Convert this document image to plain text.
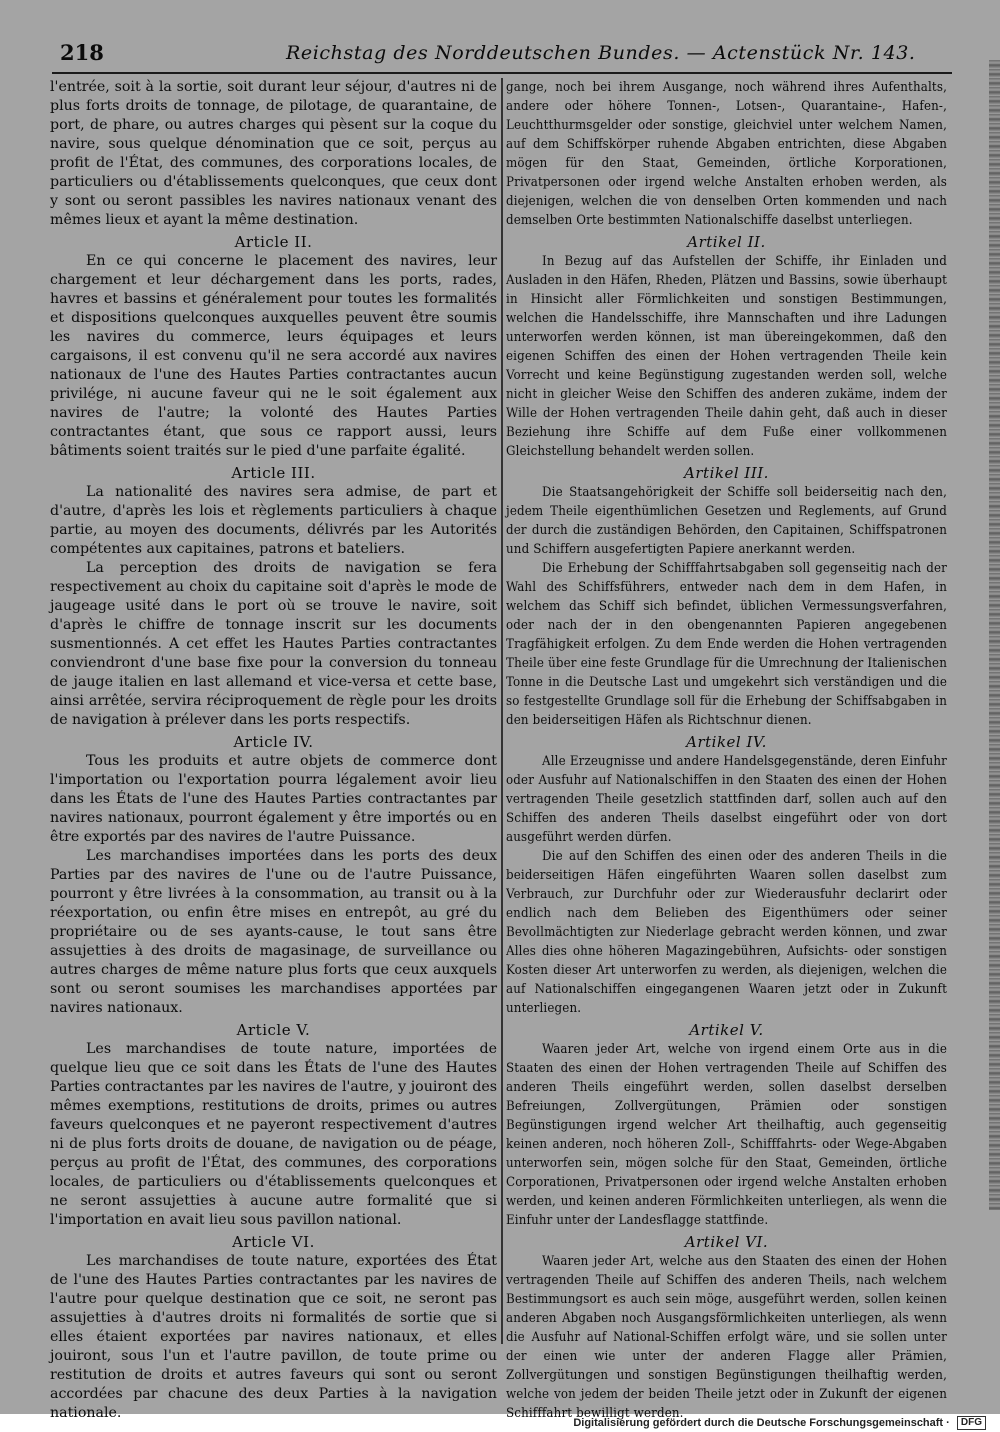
218	Reichstag des Norddeutschen Bundes. — Actenstück Nr. 143.

l'entrée, soit à la sortie, soit durant leur séjour, d'autres ni de plus forts droits de tonnage, de pilotage, de quarantaine, de port, de phare, ou autres charges qui pèsent sur la coque du navire, sous quelque dénomination que ce soit, perçus au profit de l'État, des communes, des corporations locales, de particuliers ou d'établissements quelconques, que ceux dont y sont ou seront passibles les navires nationaux venant des mêmes lieux et ayant la même destination.

Article II.

En ce qui concerne le placement des navires, leur chargement et leur déchargement dans les ports, rades, havres et bassins et généralement pour toutes les formalités et dispositions quelconques auxquelles peuvent être soumis les navires du commerce, leurs équipages et leurs cargaisons, il est convenu qu'il ne sera accordé aux navires nationaux de l'une des Hautes Parties contractantes aucun privilége, ni aucune faveur qui ne le soit également aux navires de l'autre; la volonté des Hautes Parties contractantes étant, que sous ce rapport aussi, leurs bâtiments soient traités sur le pied d'une parfaite égalité.

Article III.

La nationalité des navires sera admise, de part et d'autre, d'après les lois et règlements particuliers à chaque partie, au moyen des documents, délivrés par les Autorités compétentes aux capitaines, patrons et bateliers.

La perception des droits de navigation se fera respectivement au choix du capitaine soit d'après le mode de jaugeage usité dans le port où se trouve le navire, soit d'après le chiffre de tonnage inscrit sur les documents susmentionnés. A cet effet les Hautes Parties contractantes conviendront d'une base fixe pour la conversion du tonneau de jauge italien en last allemand et vice-versa et cette base, ainsi arrêtée, servira réciproquement de règle pour les droits de navigation à prélever dans les ports respectifs.

Article IV.

Tous les produits et autre objets de commerce dont l'importation ou l'exportation pourra légalement avoir lieu dans les États de l'une des Hautes Parties contractantes par navires nationaux, pourront également y être importés ou en être exportés par des navires de l'autre Puissance.

Les marchandises importées dans les ports des deux Parties par des navires de l'une ou de l'autre Puissance, pourront y être livrées à la consommation, au transit ou à la réexportation, ou enfin être mises en entrepôt, au gré du propriétaire ou de ses ayants-cause, le tout sans être assujetties à des droits de magasinage, de surveillance ou autres charges de même nature plus forts que ceux auxquels sont ou seront soumises les marchandises apportées par navires nationaux.

Article V.

Les marchandises de toute nature, importées de quelque lieu que ce soit dans les États de l'une des Hautes Parties contractantes par les navires de l'autre, y jouiront des mêmes exemptions, restitutions de droits, primes ou autres faveurs quelconques et ne payeront respectivement d'autres ni de plus forts droits de douane, de navigation ou de péage, perçus au profit de l'État, des communes, des corporations locales, de particuliers ou d'établissements quelconques et ne seront assujetties à aucune autre formalité que si l'importation en avait lieu sous pavillon national.

Article VI.

Les marchandises de toute nature, exportées des État de l'une des Hautes Parties contractantes par les navires de l'autre pour quelque destination que ce soit, ne seront pas assujetties à d'autres droits ni formalités de sortie que si elles étaient exportées par navires nationaux, et elles jouiront, sous l'un et l'autre pavillon, de toute prime ou restitution de droits et autres faveurs qui sont ou seront accordées par chacune des deux Parties à la navigation nationale.

gange, noch bei ihrem Ausgange, noch während ihres Aufenthalts, andere oder höhere Tonnen-, Lotsen-, Quarantaine-, Hafen-, Leuchtthurmsgelder oder sonstige, gleichviel unter welchem Namen, auf dem Schiffskörper ruhende Abgaben entrichten, diese Abgaben mögen für den Staat, Gemeinden, örtliche Korporationen, Privatpersonen oder irgend welche Anstalten erhoben werden, als diejenigen, welchen die von denselben Orten kommenden und nach demselben Orte bestimmten Nationalschiffe daselbst unterliegen.

Artikel II.

In Bezug auf das Aufstellen der Schiffe, ihr Einladen und Ausladen in den Häfen, Rheden, Plätzen und Bassins, sowie überhaupt in Hinsicht aller Förmlichkeiten und sonstigen Bestimmungen, welchen die Handelsschiffe, ihre Mannschaften und ihre Ladungen unterworfen werden können, ist man übereingekommen, daß den eigenen Schiffen des einen der Hohen vertragenden Theile kein Vorrecht und keine Begünstigung zugestanden werden soll, welche nicht in gleicher Weise den Schiffen des anderen zukäme, indem der Wille der Hohen vertragenden Theile dahin geht, daß auch in dieser Beziehung ihre Schiffe auf dem Fuße einer vollkommenen Gleichstellung behandelt werden sollen.

Artikel III.

Die Staatsangehörigkeit der Schiffe soll beiderseitig nach den, jedem Theile eigenthümlichen Gesetzen und Reglements, auf Grund der durch die zuständigen Behörden, den Capitainen, Schiffspatronen und Schiffern ausgefertigten Papiere anerkannt werden.

Die Erhebung der Schifffahrtsabgaben soll gegenseitig nach der Wahl des Schiffsführers, entweder nach dem in dem Hafen, in welchem das Schiff sich befindet, üblichen Vermessungsverfahren, oder nach der in den obengenannten Papieren angegebenen Tragfähigkeit erfolgen. Zu dem Ende werden die Hohen vertragenden Theile über eine feste Grundlage für die Umrechnung der Italienischen Tonne in die Deutsche Last und umgekehrt sich verständigen und die so festgestellte Grundlage soll für die Erhebung der Schiffsabgaben in den beiderseitigen Häfen als Richtschnur dienen.

Artikel IV.

Alle Erzeugnisse und andere Handelsgegenstände, deren Einfuhr oder Ausfuhr auf Nationalschiffen in den Staaten des einen der Hohen vertragenden Theile gesetzlich stattfinden darf, sollen auch auf den Schiffen des anderen Theils daselbst eingeführt oder von dort ausgeführt werden dürfen.

Die auf den Schiffen des einen oder des anderen Theils in die beiderseitigen Häfen eingeführten Waaren sollen daselbst zum Verbrauch, zur Durchfuhr oder zur Wiederausfuhr declarirt oder endlich nach dem Belieben des Eigenthümers oder seiner Bevollmächtigten zur Niederlage gebracht werden können, und zwar Alles dies ohne höheren Magazingebühren, Aufsichts- oder sonstigen Kosten dieser Art unterworfen zu werden, als diejenigen, welchen die auf Nationalschiffen eingegangenen Waaren jetzt oder in Zukunft unterliegen.

Artikel V.

Waaren jeder Art, welche von irgend einem Orte aus in die Staaten des einen der Hohen vertragenden Theile auf Schiffen des anderen Theils eingeführt werden, sollen daselbst derselben Befreiungen, Zollvergütungen, Prämien oder sonstigen Begünstigungen irgend welcher Art theilhaftig, auch gegenseitig keinen anderen, noch höheren Zoll-, Schifffahrts- oder Wege-Abgaben unterworfen sein, mögen solche für den Staat, Gemeinden, örtliche Corporationen, Privatpersonen oder irgend welche Anstalten erhoben werden, und keinen anderen Förmlichkeiten unterliegen, als wenn die Einfuhr unter der Landesflagge stattfinde.

Artikel VI.

Waaren jeder Art, welche aus den Staaten des einen der Hohen vertragenden Theile auf Schiffen des anderen Theils, nach welchem Bestimmungsort es auch sein möge, ausgeführt werden, sollen keinen anderen Abgaben noch Ausgangsförmlichkeiten unterliegen, als wenn die Ausfuhr auf National-Schiffen erfolgt wäre, und sie sollen unter der einen wie unter der anderen Flagge aller Prämien, Zollvergütungen und sonstigen Begünstigungen theilhaftig werden, welche von jedem der beiden Theile jetzt oder in Zukunft der eigenen Schifffahrt bewilligt werden.

Digitalisierung gefördert durch die Deutsche Forschungsgemeinschaft · DFG
